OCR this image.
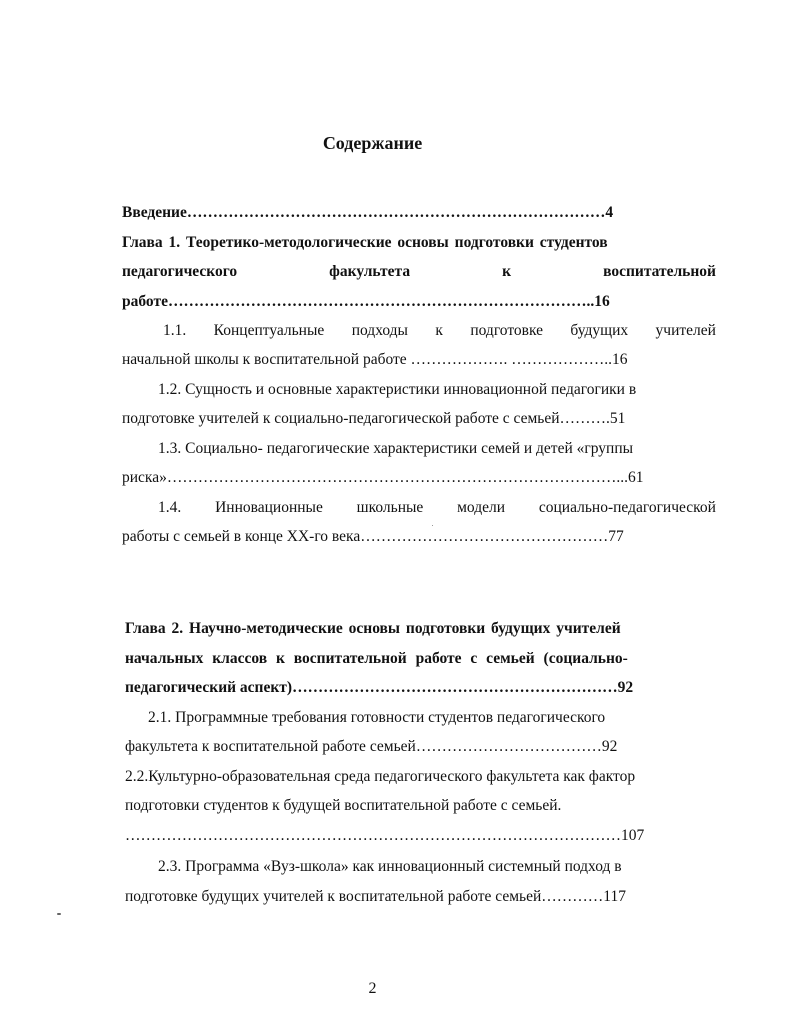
Содержание
Введение………………………………………………………………………4
Глава 1. Теоретико-методологические основы подготовки студентов
педагогического	факультета	к	воспитательной
работе………………………………………………………………………..16
1.1. Концептуальные подходы к подготовке будущих учителей
начальной школы к воспитательной работе ………………. ………………..16
1.2. Сущность и основные характеристики инновационной педагогики в
подготовке учителей к социально-педагогической работе с семьей……….51
1.3. Социально- педагогические характеристики семей и детей «группы
риска»……………………………………………………………………………...61
1.4. Инновационные школьные модели социально-педагогической
работы с семьей в конце XX-го века…………………………………………77
Глава 2. Научно-методические основы подготовки будущих учителей
начальных классов к воспитательной работе с семьей (социально-
педагогический аспект)………………………………………………………92
2.1. Программные требования готовности студентов педагогического
факультета к воспитательной работе семьей………………………………92
2.2.Культурно-образовательная среда педагогического факультета как фактор
подготовки студентов к будущей воспитательной работе с семьей.
……………………………………………………………………………………107
2.3. Программа «Вуз-школа» как инновационный системный подход в
подготовке будущих учителей к воспитательной работе семьей…………117
2
